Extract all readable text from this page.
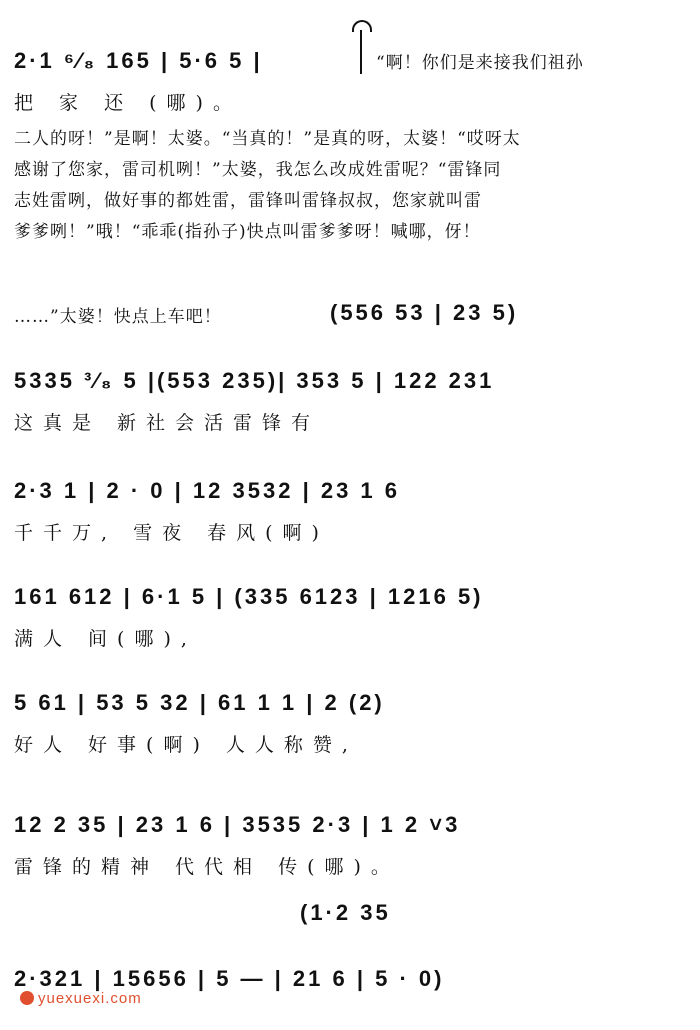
2·1 ⁶⁄₈ 165 | 5·6 5 |	“啊！你们是来接我们祖孙
把 家 还 (哪)。
二人的呀！”是啊！太婆。“当真的！”是真的呀，太婆！“哎呀太
感谢了您家，雷司机咧！”太婆，我怎么改成姓雷呢？“雷锋同
志姓雷咧，做好事的都姓雷，雷锋叫雷锋叔叔，您家就叫雷
爹爹咧！”哦！“乖乖(指孙子)快点叫雷爹爹呀！喊哪，伢！
……”太婆！快点上车吧！	(556 53 | 23 5)
5335 ³⁄₈ 5 |(553 235)| 353 5 | 122 231
这真是 新社会活雷锋有
2·3 1 | 2 · 0 | 12 3532 | 23 1 6
千千万, 雪夜 春风(啊)
161 612 | 6·1 5 | (335 6123 | 1216 5)
满人 间(哪),
5 61 | 53 5 32 | 61 1 1 | 2 (2)
好人 好事(啊) 人人称赞,
12 2 35 | 23 1 6 | 3535 2·3 | 1 2 ˅3
雷锋的精神 代代相 传(哪)。
(1·2 35
2·321 | 15656 | 5 — | 21 6 | 5 · 0)
yuexuexi.com
